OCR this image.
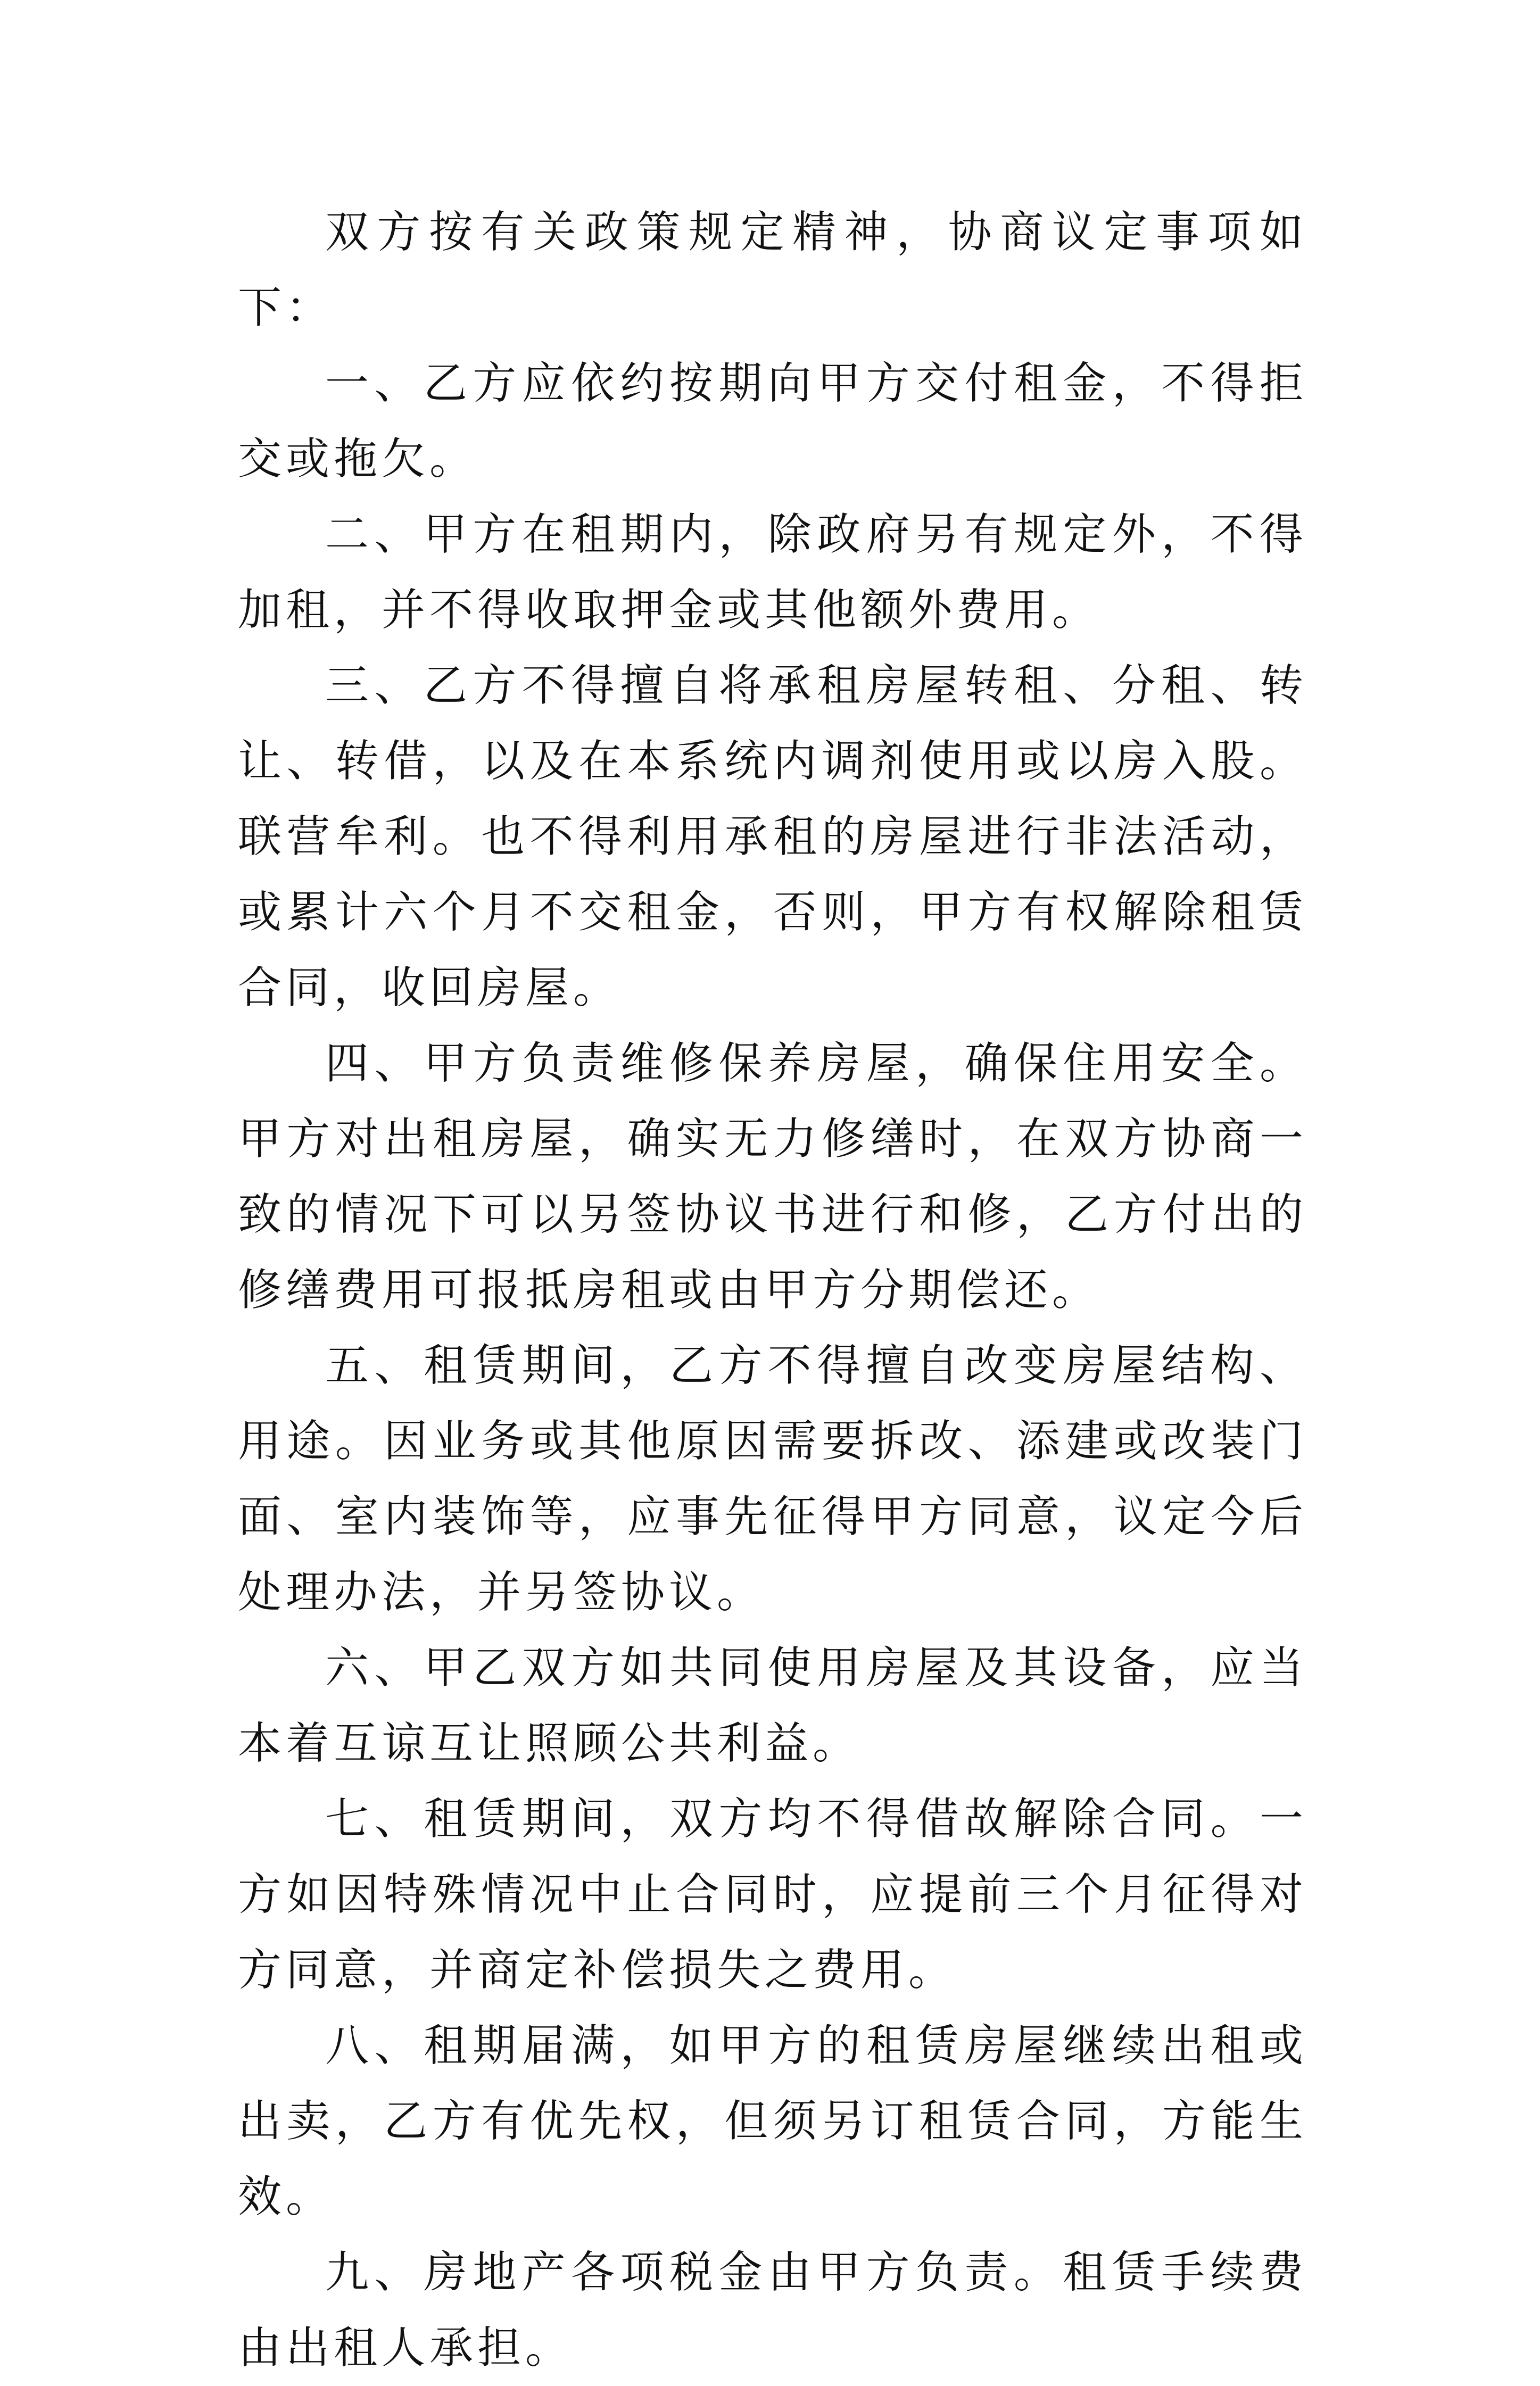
双方按有关政策规定精神，协商议定事项如下：

一、乙方应依约按期向甲方交付租金，不得拒交或拖欠。

二、甲方在租期内，除政府另有规定外，不得加租，并不得收取押金或其他额外费用。

三、乙方不得擅自将承租房屋转租、分租、转让、转借，以及在本系统内调剂使用或以房入股。联营牟利。也不得利用承租的房屋进行非法活动，或累计六个月不交租金，否则，甲方有权解除租赁合同，收回房屋。

四、甲方负责维修保养房屋，确保住用安全。甲方对出租房屋，确实无力修缮时，在双方协商一致的情况下可以另签协议书进行和修，乙方付出的修缮费用可报抵房租或由甲方分期偿还。

五、租赁期间，乙方不得擅自改变房屋结构、用途。因业务或其他原因需要拆改、添建或改装门面、室内装饰等，应事先征得甲方同意，议定今后处理办法，并另签协议。

六、甲乙双方如共同使用房屋及其设备，应当本着互谅互让照顾公共利益。

七、租赁期间，双方均不得借故解除合同。一方如因特殊情况中止合同时，应提前三个月征得对方同意，并商定补偿损失之费用。

八、租期届满，如甲方的租赁房屋继续出租或出卖，乙方有优先权，但须另订租赁合同，方能生效。

九、房地产各项税金由甲方负责。租赁手续费由出租人承担。
